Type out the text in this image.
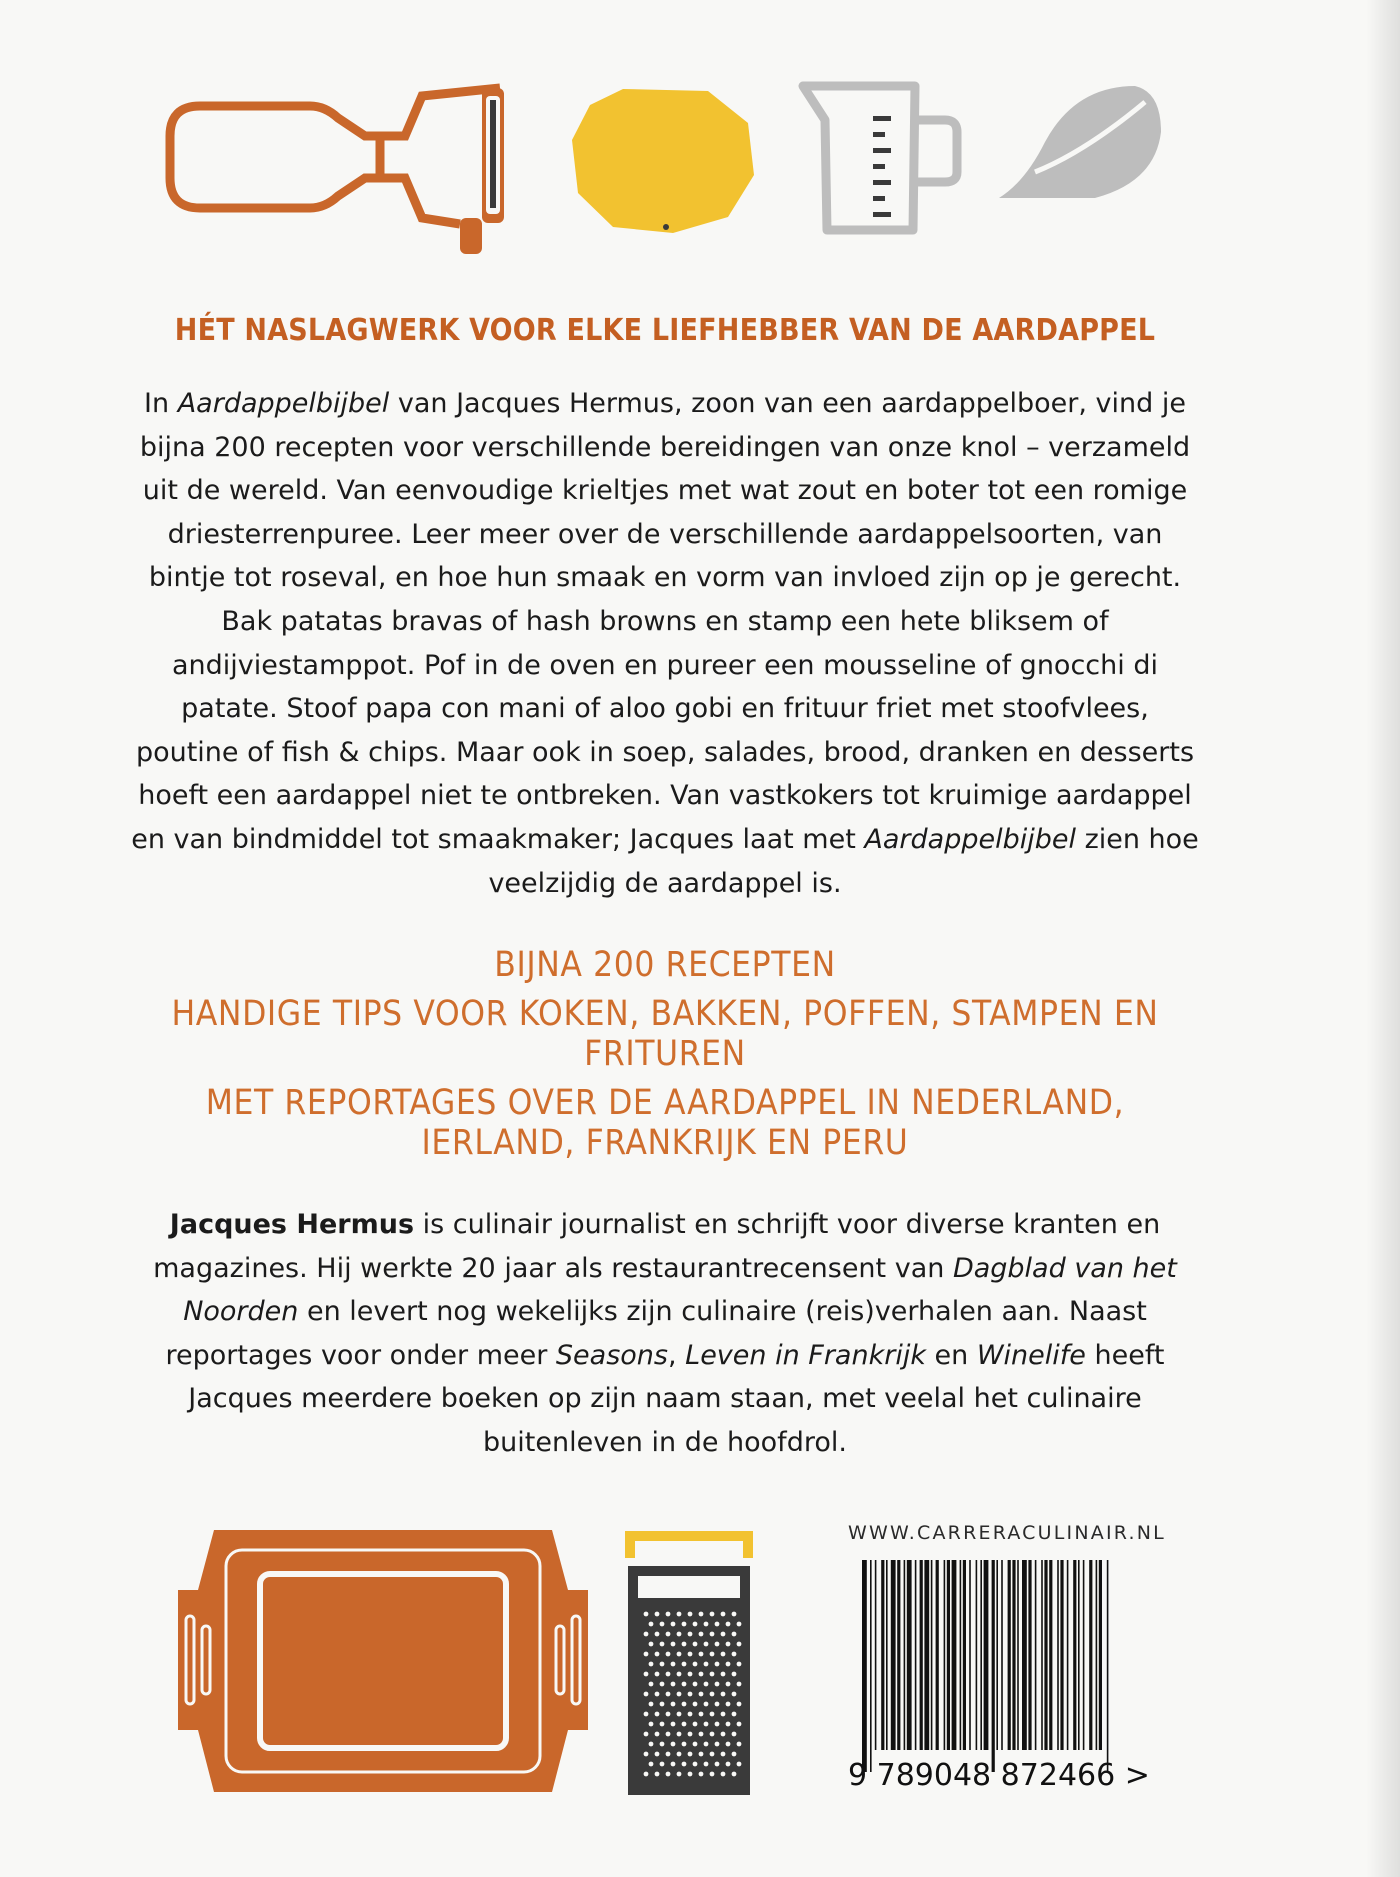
HÉT NASLAGWERK VOOR ELKE LIEFHEBBER VAN DE AARDAPPEL

In Aardappelbijbel van Jacques Hermus, zoon van een aardappelboer, vind je bijna 200 recepten voor verschillende bereidingen van onze knol – verzameld uit de wereld. Van eenvoudige krieltjes met wat zout en boter tot een romige driesterrenpuree. Leer meer over de verschillende aardappelsoorten, van bintje tot roseval, en hoe hun smaak en vorm van invloed zijn op je gerecht. Bak patatas bravas of hash browns en stamp een hete bliksem of andijviestamppot. Pof in de oven en pureer een mousseline of gnocchi di patate. Stoof papa con mani of aloo gobi en frituur friet met stoofvlees, poutine of fish & chips. Maar ook in soep, salades, brood, dranken en desserts hoeft een aardappel niet te ontbreken. Van vastkokers tot kruimige aardappel en van bindmiddel tot smaakmaker; Jacques laat met Aardappelbijbel zien hoe veelzijdig de aardappel is.

BIJNA 200 RECEPTEN
HANDIGE TIPS VOOR KOKEN, BAKKEN, POFFEN, STAMPEN EN FRITUREN
MET REPORTAGES OVER DE AARDAPPEL IN NEDERLAND, IERLAND, FRANKRIJK EN PERU

Jacques Hermus is culinair journalist en schrijft voor diverse kranten en magazines. Hij werkte 20 jaar als restaurantrecensent van Dagblad van het Noorden en levert nog wekelijks zijn culinaire (reis)verhalen aan. Naast reportages voor onder meer Seasons, Leven in Frankrijk en Winelife heeft Jacques meerdere boeken op zijn naam staan, met veelal het culinaire buitenleven in de hoofdrol.

WWW.CARRERACULINAIR.NL
9 789048 872466 >
